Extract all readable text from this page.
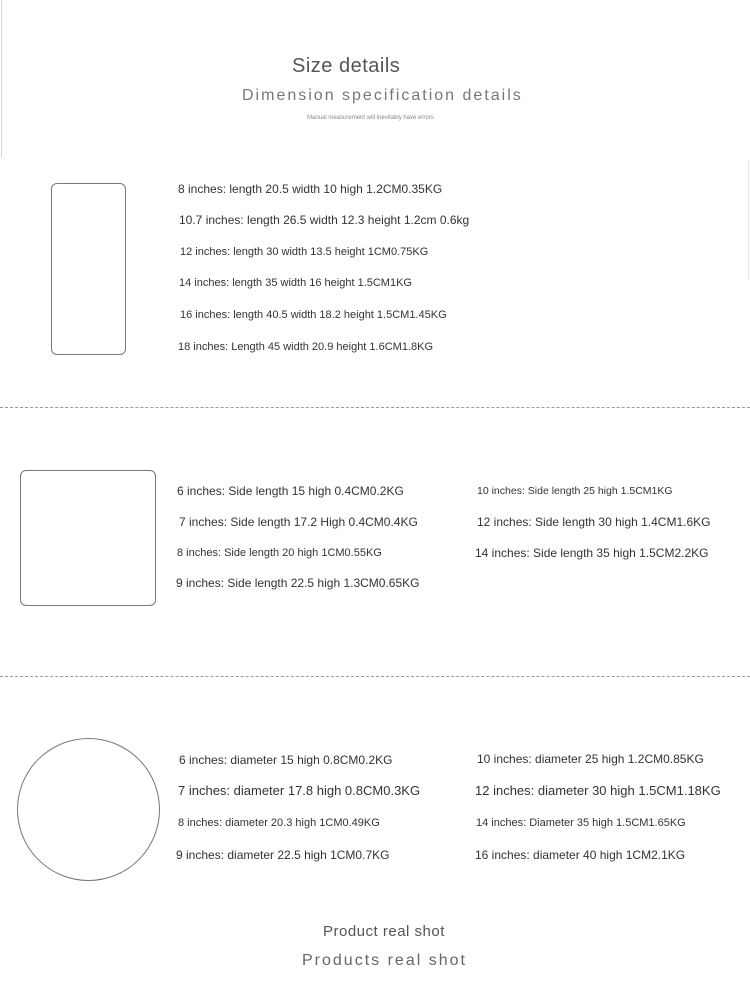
Size details
Dimension specification details
Manual measurement will inevitably have errors
8 inches: length 20.5 width 10 high 1.2CM0.35KG
10.7 inches: length 26.5 width 12.3 height 1.2cm 0.6kg
12 inches: length 30 width 13.5 height 1CM0.75KG
14 inches: length 35 width 16 height 1.5CM1KG
16 inches: length 40.5 width 18.2 height 1.5CM1.45KG
18 inches: Length 45 width 20.9 height 1.6CM1.8KG
6 inches: Side length 15 high 0.4CM0.2KG
7 inches: Side length 17.2 High 0.4CM0.4KG
8 inches: Side length 20 high 1CM0.55KG
9 inches: Side length 22.5 high 1.3CM0.65KG
10 inches: Side length 25 high 1.5CM1KG
12 inches: Side length 30 high 1.4CM1.6KG
14 inches: Side length 35 high 1.5CM2.2KG
6 inches: diameter 15 high 0.8CM0.2KG
7 inches: diameter 17.8 high 0.8CM0.3KG
8 inches: diameter 20.3 high 1CM0.49KG
9 inches: diameter 22.5 high 1CM0.7KG
10 inches: diameter 25 high 1.2CM0.85KG
12 inches: diameter 30 high 1.5CM1.18KG
14 inches: Diameter 35 high 1.5CM1.65KG
16 inches: diameter 40 high 1CM2.1KG
Product real shot
Products real shot
